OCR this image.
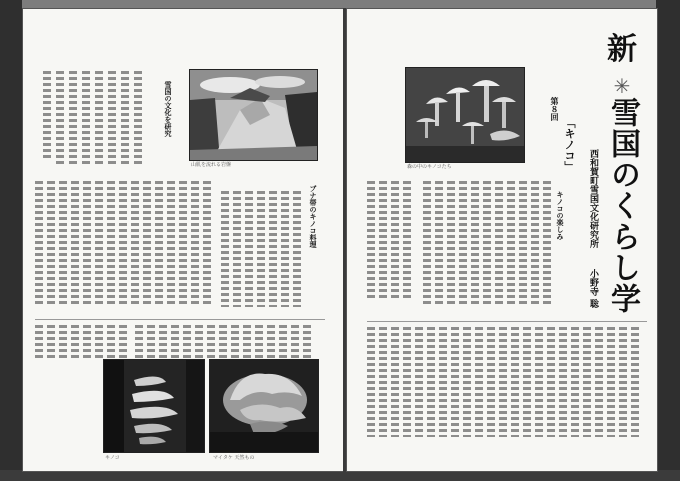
雪国の文化を研究
山肌を流れる岩盤
ブナ帯のキノコ料理
キノコ	マイタケ 天然もの
森の中のキノコたち
第８回
「キノコ」
新
✳
雪国のくらし学
西和賀町雪国文化研究所
小野寺 聡
キノコの楽しみ
